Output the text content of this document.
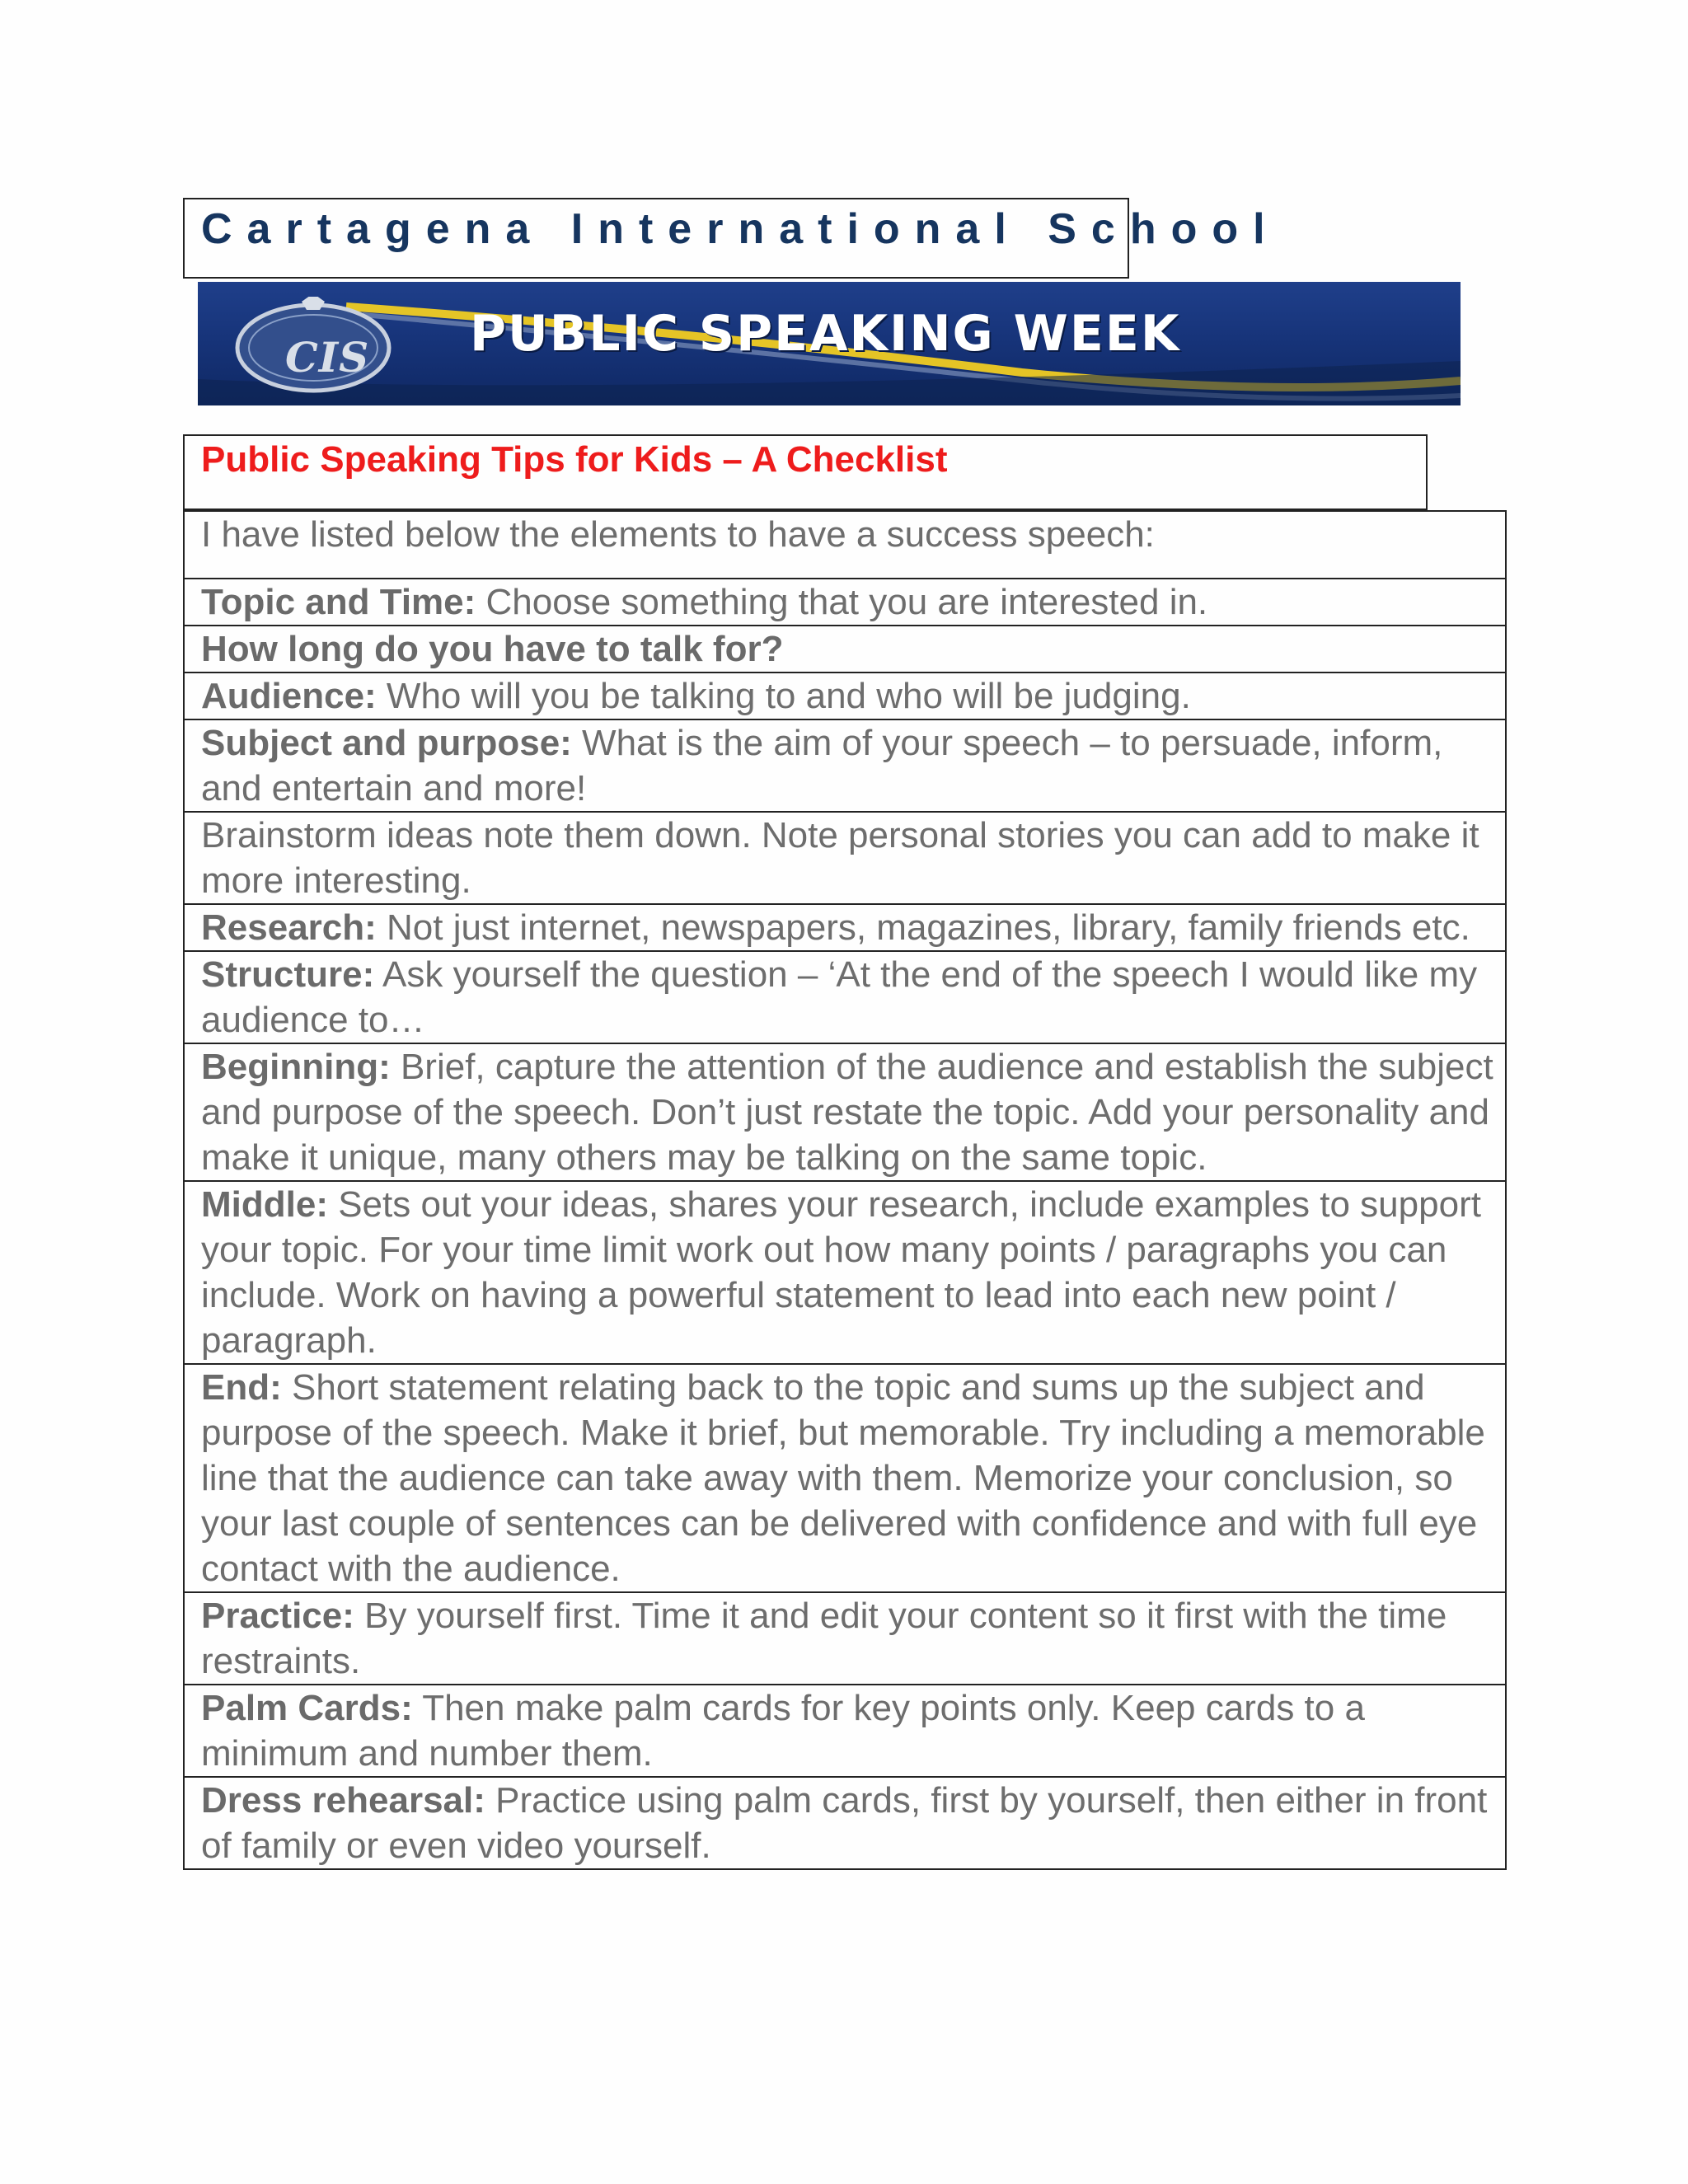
Cartagena International School
CIS PUBLIC SPEAKING WEEK
Public Speaking Tips for Kids – A Checklist
I have listed below the elements to have a success speech:
Topic and Time: Choose something that you are interested in.
How long do you have to talk for?
Audience: Who will you be talking to and who will be judging.
Subject and purpose: What is the aim of your speech – to persuade, inform, and entertain and more!
Brainstorm ideas note them down. Note personal stories you can add to make it more interesting.
Research: Not just internet, newspapers, magazines, library, family friends etc.
Structure: Ask yourself the question – ‘At the end of the speech I would like my audience to…
Beginning: Brief, capture the attention of the audience and establish the subject and purpose of the speech. Don’t just restate the topic. Add your personality and make it unique, many others may be talking on the same topic.
Middle: Sets out your ideas, shares your research, include examples to support your topic. For your time limit work out how many points / paragraphs you can include. Work on having a powerful statement to lead into each new point / paragraph.
End: Short statement relating back to the topic and sums up the subject and purpose of the speech. Make it brief, but memorable. Try including a memorable line that the audience can take away with them. Memorize your conclusion, so your last couple of sentences can be delivered with confidence and with full eye contact with the audience.
Practice: By yourself first. Time it and edit your content so it first with the time restraints.
Palm Cards: Then make palm cards for key points only. Keep cards to a minimum and number them.
Dress rehearsal: Practice using palm cards, first by yourself, then either in front of family or even video yourself.
